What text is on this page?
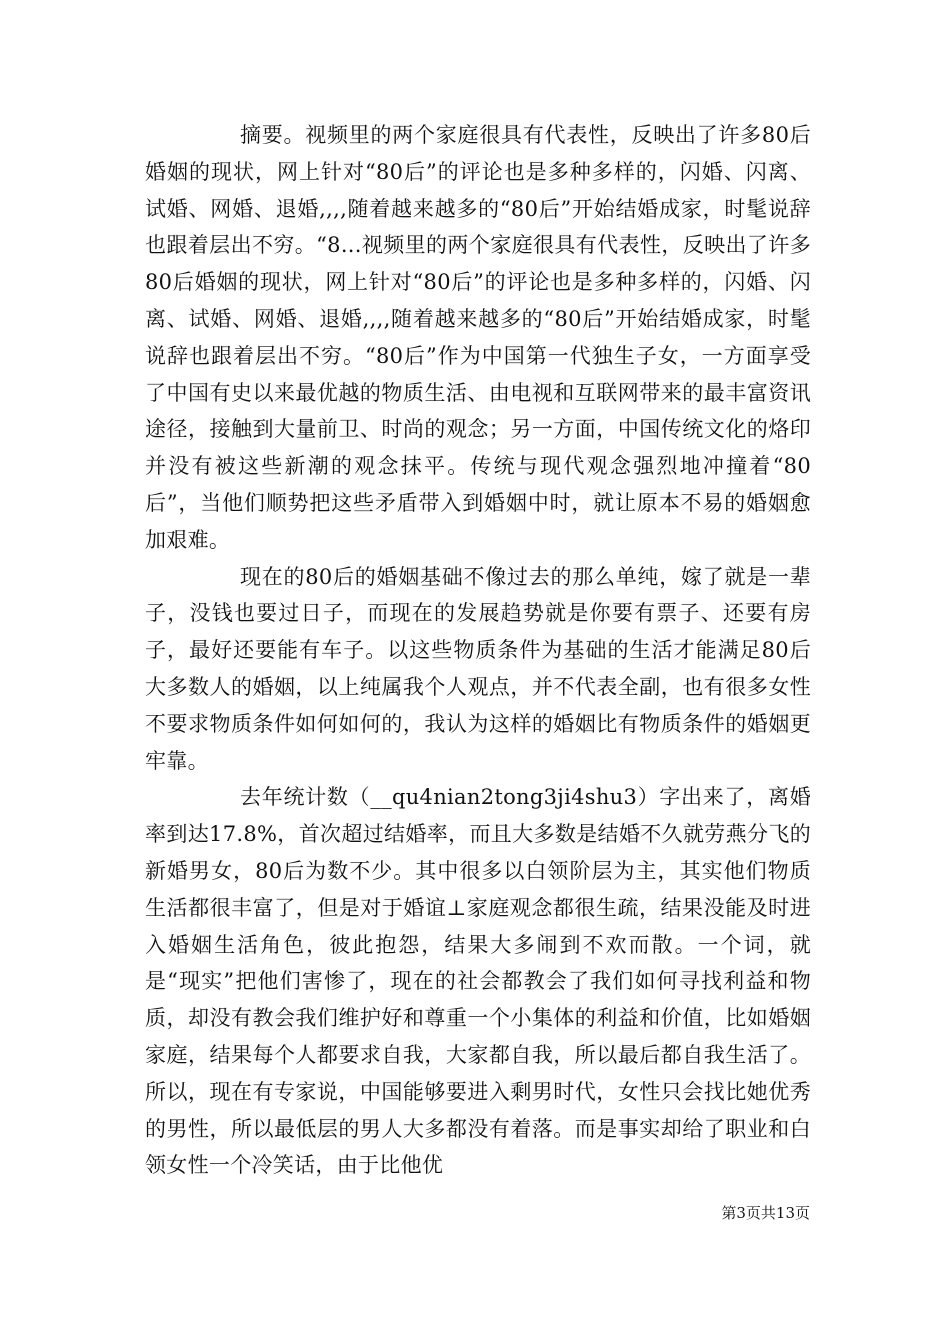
摘要。视频里的两个家庭很具有代表性，反映出了许多80后婚姻的现状，网上针对“80后”的评论也是多种多样的，闪婚、闪离、试婚、网婚、退婚,,,,随着越来越多的“80后”开始结婚成家，时髦说辞也跟着层出不穷。“8...视频里的两个家庭很具有代表性，反映出了许多80后婚姻的现状，网上针对“80后”的评论也是多种多样的，闪婚、闪离、试婚、网婚、退婚,,,,随着越来越多的“80后”开始结婚成家，时髦说辞也跟着层出不穷。“80后”作为中国第一代独生子女，一方面享受了中国有史以来最优越的物质生活、由电视和互联网带来的最丰富资讯途径，接触到大量前卫、时尚的观念；另一方面，中国传统文化的烙印并没有被这些新潮的观念抹平。传统与现代观念强烈地冲撞着“80后”，当他们顺势把这些矛盾带入到婚姻中时，就让原本不易的婚姻愈加艰难。

现在的80后的婚姻基础不像过去的那么单纯，嫁了就是一辈子，没钱也要过日子，而现在的发展趋势就是你要有票子、还要有房子，最好还要能有车子。以这些物质条件为基础的生活才能满足80后大多数人的婚姻，以上纯属我个人观点，并不代表全副，也有很多女性不要求物质条件如何如何的，我认为这样的婚姻比有物质条件的婚姻更牢靠。

去年统计数（__qu4nian2tong3ji4shu3）字出来了，离婚率到达17.8%，首次超过结婚率，而且大多数是结婚不久就劳燕分飞的新婚男女，80后为数不少。其中很多以白领阶层为主，其实他们物质生活都很丰富了，但是对于婚谊⊥家庭观念都很生疏，结果没能及时进入婚姻生活角色，彼此抱怨，结果大多闹到不欢而散。一个词，就是“现实”把他们害惨了，现在的社会都教会了我们如何寻找利益和物质，却没有教会我们维护好和尊重一个小集体的利益和价值，比如婚姻家庭，结果每个人都要求自我，大家都自我，所以最后都自我生活了。所以，现在有专家说，中国能够要进入剩男时代，女性只会找比她优秀的男性，所以最低层的男人大多都没有着落。而是事实却给了职业和白领女性一个冷笑话，由于比他优

第3页共13页
